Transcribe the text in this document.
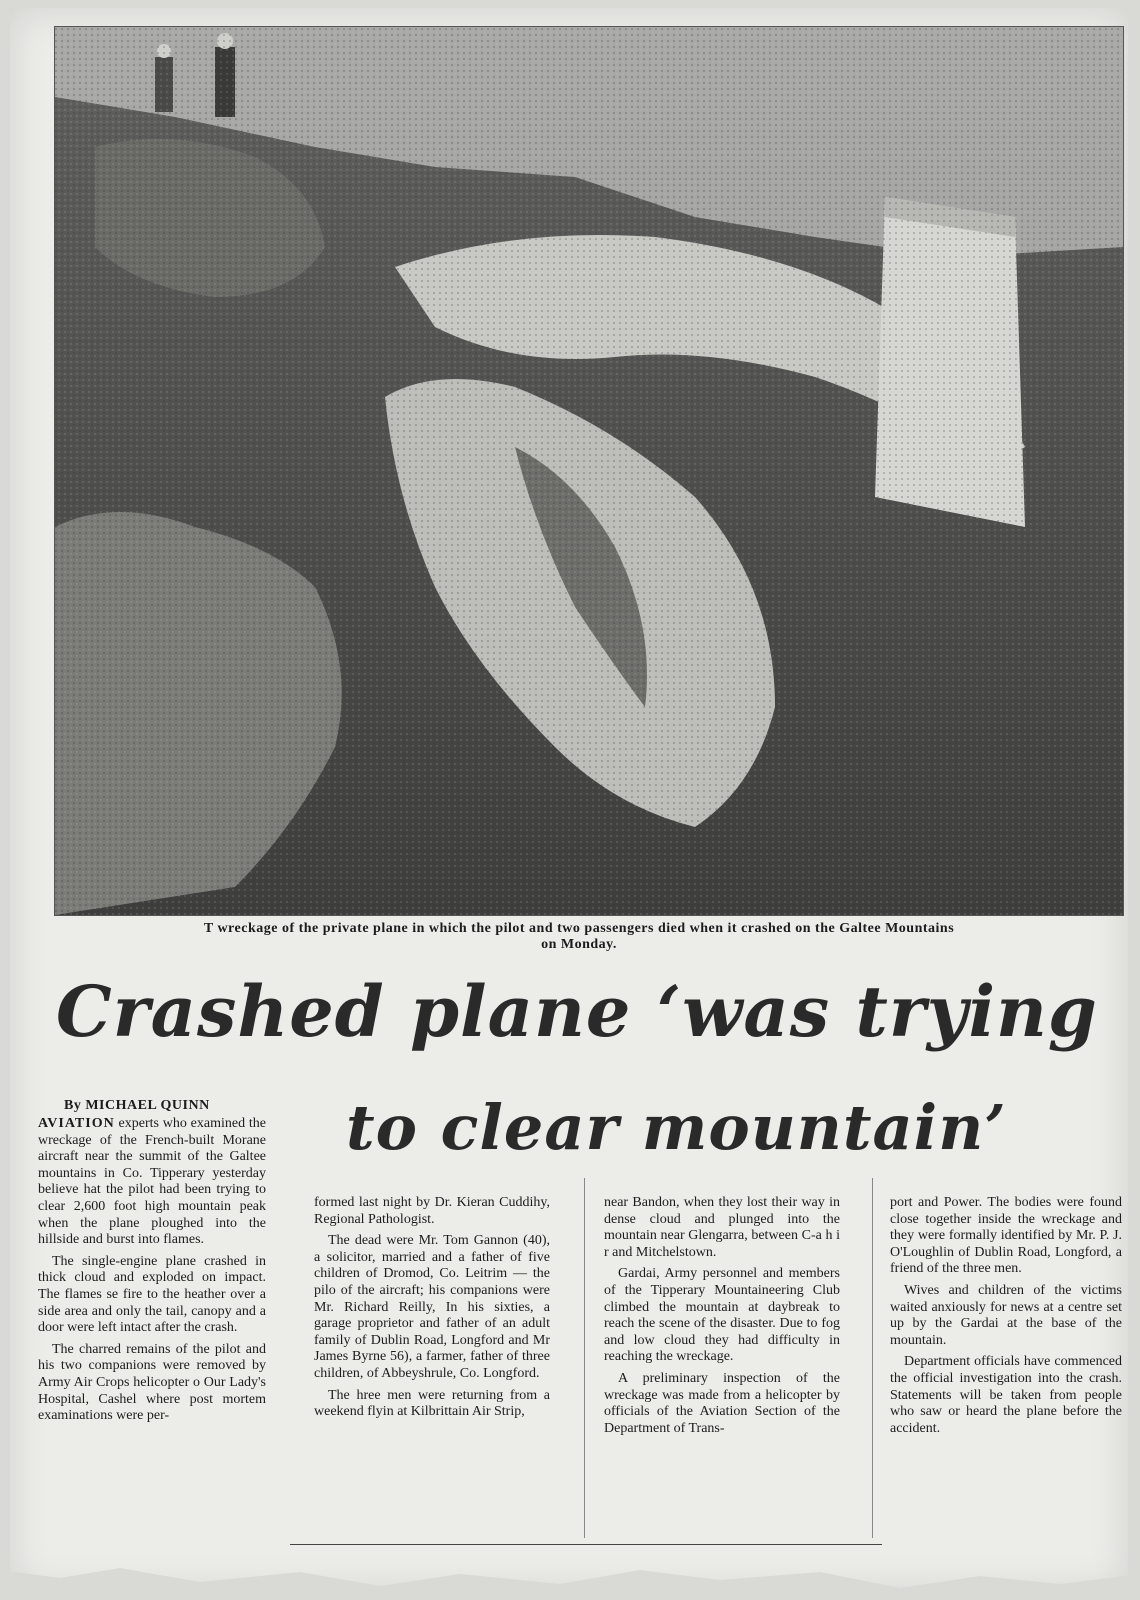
T wreckage of the private plane in which the pilot and two passengers died when it crashed on the Galtee Mountains
on Monday.
Crashed plane ‘was trying
to clear mountain’
By MICHAEL QUINN

AVIATION experts who examined the wreckage of the French-built Morane aircraft near the summit of the Galtee mountains in Co. Tipperary yesterday believe hat the pilot had been trying to clear 2,600 foot high mountain peak when the plane ploughed into the hillside and burst into flames.

The single-engine plane crashed in thick cloud and exploded on impact. The flames se fire to the heather over a side area and only the tail, canopy and a door were left intact after the crash.

The charred remains of the pilot and his two companions were removed by Army Air Crops helicopter o Our Lady's Hospital, Cashel where post mortem examinations were per-

formed last night by Dr. Kieran Cuddihy, Regional Pathologist.

The dead were Mr. Tom Gannon (40), a solicitor, married and a father of five children of Dromod, Co. Leitrim — the pilo of the aircraft; his companions were Mr. Richard Reilly, In his sixties, a garage proprietor and father of an adult family of Dublin Road, Longford and Mr James Byrne 56), a farmer, father of three children, of Abbeyshrule, Co. Longford.

The hree men were returning from a weekend flyin at Kilbrittain Air Strip,

near Bandon, when they lost their way in dense cloud and plunged into the mountain near Glengarra, between C-a h i r and Mitchelstown.

Gardai, Army personnel and members of the Tipperary Mountaineering Club climbed the mountain at daybreak to reach the scene of the disaster. Due to fog and low cloud they had difficulty in reaching the wreckage.

A preliminary inspection of the wreckage was made from a helicopter by officials of the Aviation Section of the Department of Trans-

port and Power. The bodies were found close together inside the wreckage and they were formally identified by Mr. P. J. O'Loughlin of Dublin Road, Longford, a friend of the three men.

Wives and children of the victims waited anxiously for news at a centre set up by the Gardai at the base of the mountain.

Department officials have commenced the official investigation into the crash. Statements will be taken from people who saw or heard the plane before the accident.
